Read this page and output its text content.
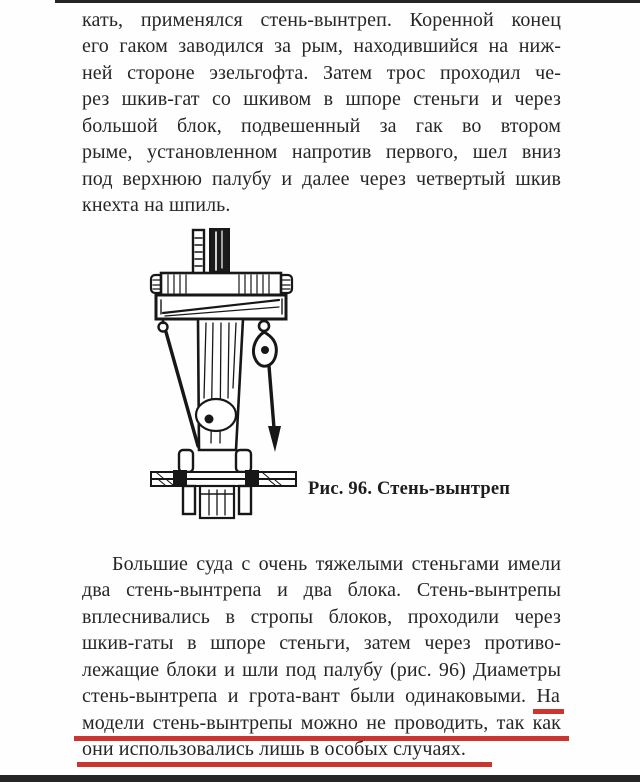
кать, применялся стень-вынтреп. Коренной конец
его гаком заводился за рым, находившийся на ниж-
ней стороне эзельгофта. Затем трос проходил че-
рез шкив-гат со шкивом в шпоре стеньги и через
большой блок, подвешенный за гак во втором
рыме, установленном напротив первого, шел вниз
под верхнюю палубу и далее через четвертый шкив
кнехта на шпиль.
Рис. 96. Стень-вынтреп
Большие суда с очень тяжелыми стеньгами имели
два стень-вынтрепа и два блока. Стень-вынтрепы
вплеснивались в стропы блоков, проходили через
шкив-гаты в шпоре стеньги, затем через противо-
лежащие блоки и шли под палубу (рис. 96) Диаметры
стень-вынтрепа и грота-вант были одинаковыми. На
модели стень-вынтрепы можно не проводить, так как
они использовались лишь в особых случаях.
